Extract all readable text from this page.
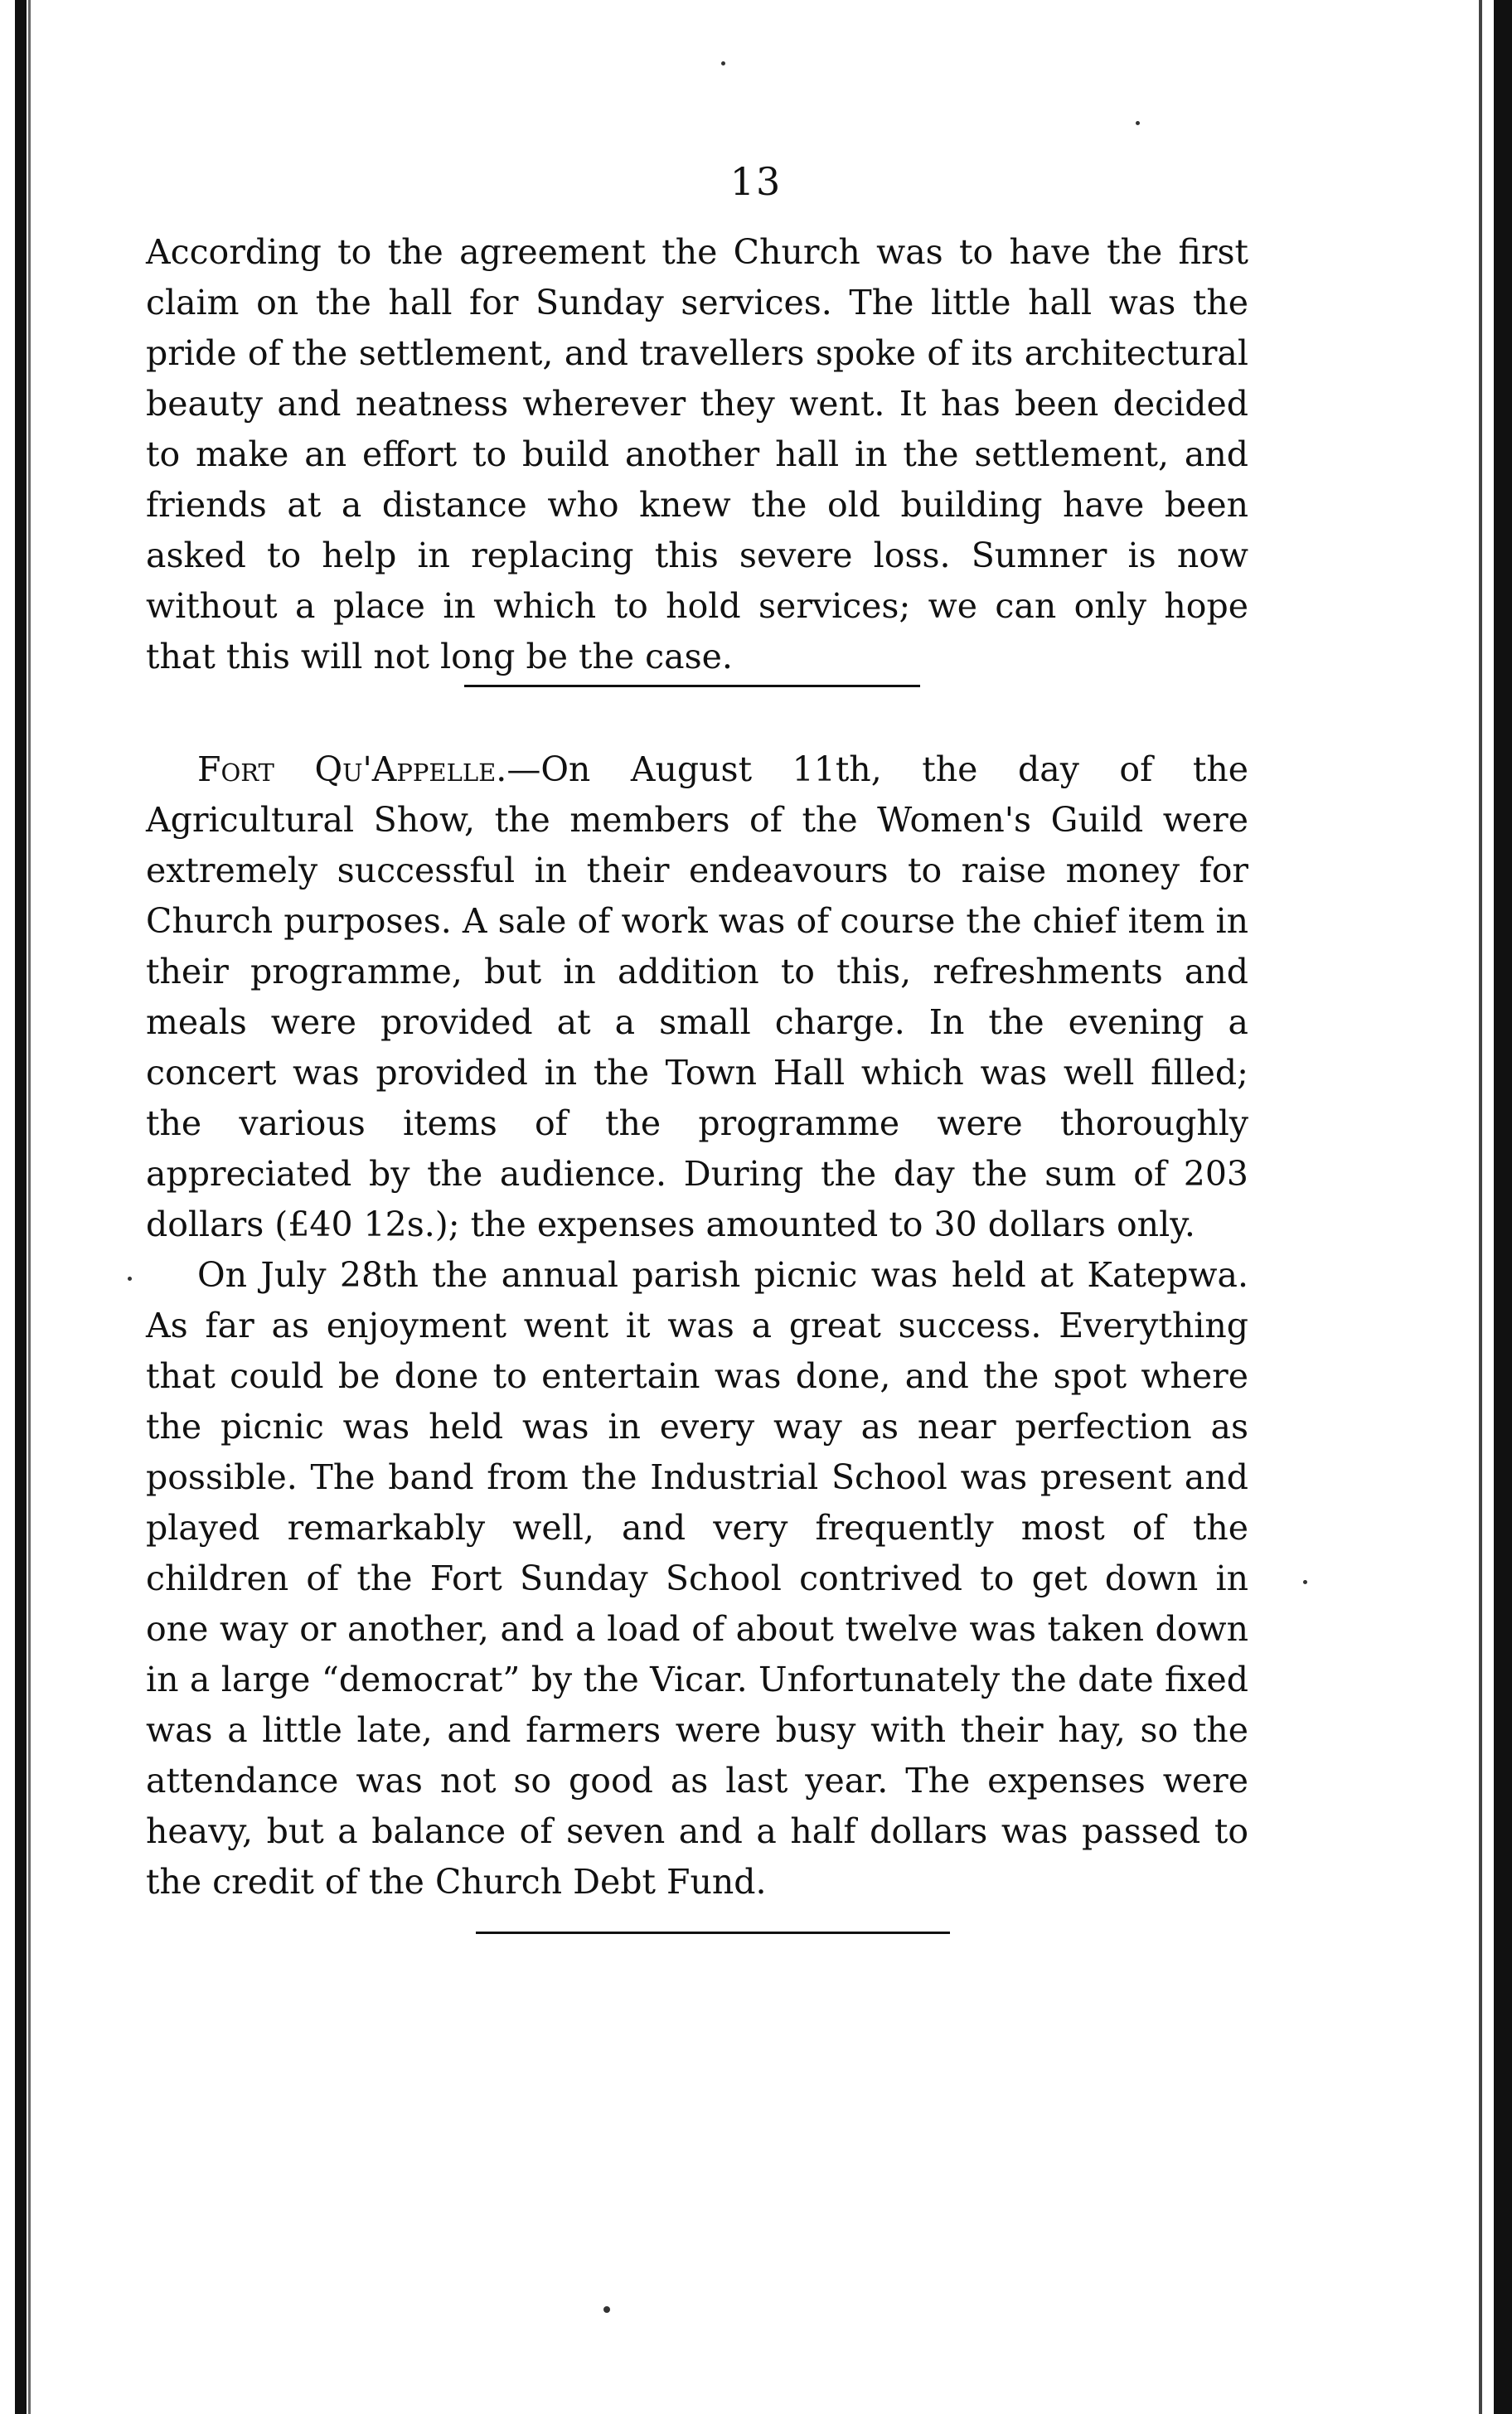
13

According to the agreement the Church was to have the first claim on the hall for Sunday services. The little hall was the pride of the settlement, and travellers spoke of its architectural beauty and neatness wherever they went. It has been decided to make an effort to build another hall in the settlement, and friends at a distance who knew the old building have been asked to help in replacing this severe loss. Sumner is now without a place in which to hold services; we can only hope that this will not long be the case.

Fort Qu'Appelle.—On August 11th, the day of the Agricultural Show, the members of the Women's Guild were extremely successful in their endeavours to raise money for Church purposes. A sale of work was of course the chief item in their programme, but in addition to this, refreshments and meals were provided at a small charge. In the evening a concert was provided in the Town Hall which was well filled; the various items of the programme were thoroughly appreciated by the audience. During the day the sum of 203 dollars (£40 12s.); the expenses amounted to 30 dollars only.

On July 28th the annual parish picnic was held at Katepwa. As far as enjoyment went it was a great success. Everything that could be done to entertain was done, and the spot where the picnic was held was in every way as near perfection as possible. The band from the Industrial School was present and played remarkably well, and very frequently most of the children of the Fort Sunday School contrived to get down in one way or another, and a load of about twelve was taken down in a large “democrat” by the Vicar. Unfortunately the date fixed was a little late, and farmers were busy with their hay, so the attendance was not so good as last year. The expenses were heavy, but a balance of seven and a half dollars was passed to the credit of the Church Debt Fund.
